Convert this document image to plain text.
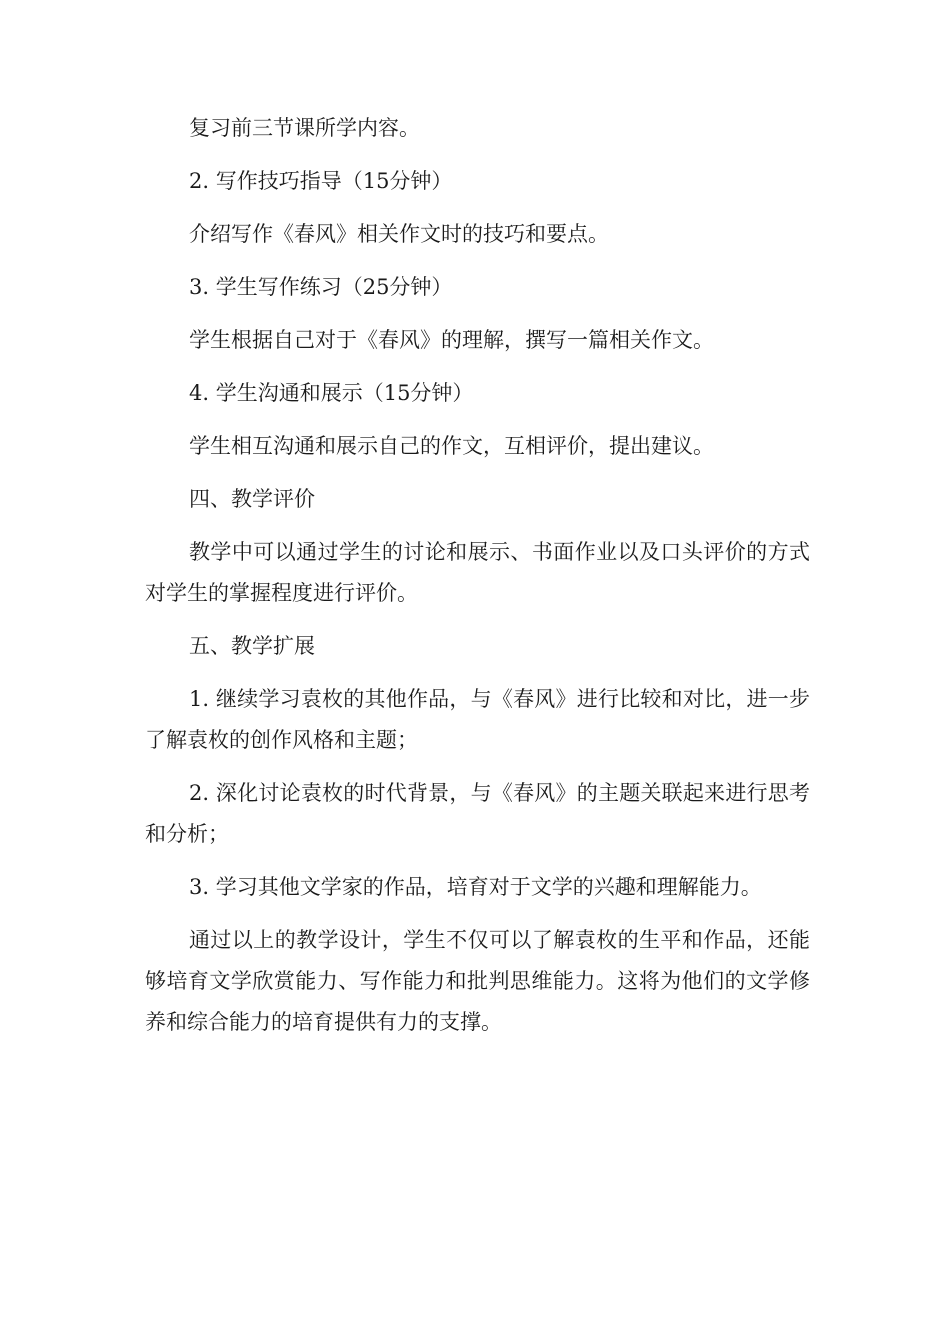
复习前三节课所学内容。

2. 写作技巧指导（15分钟）

介绍写作《春风》相关作文时的技巧和要点。

3. 学生写作练习（25分钟）

学生根据自己对于《春风》的理解，撰写一篇相关作文。

4. 学生沟通和展示（15分钟）

学生相互沟通和展示自己的作文，互相评价，提出建议。

四、教学评价

教学中可以通过学生的讨论和展示、书面作业以及口头评价的方式对学生的掌握程度进行评价。

五、教学扩展

1. 继续学习袁枚的其他作品，与《春风》进行比较和对比，进一步了解袁枚的创作风格和主题；

2. 深化讨论袁枚的时代背景，与《春风》的主题关联起来进行思考和分析；

3. 学习其他文学家的作品，培育对于文学的兴趣和理解能力。

通过以上的教学设计，学生不仅可以了解袁枚的生平和作品，还能够培育文学欣赏能力、写作能力和批判思维能力。这将为他们的文学修养和综合能力的培育提供有力的支撑。
